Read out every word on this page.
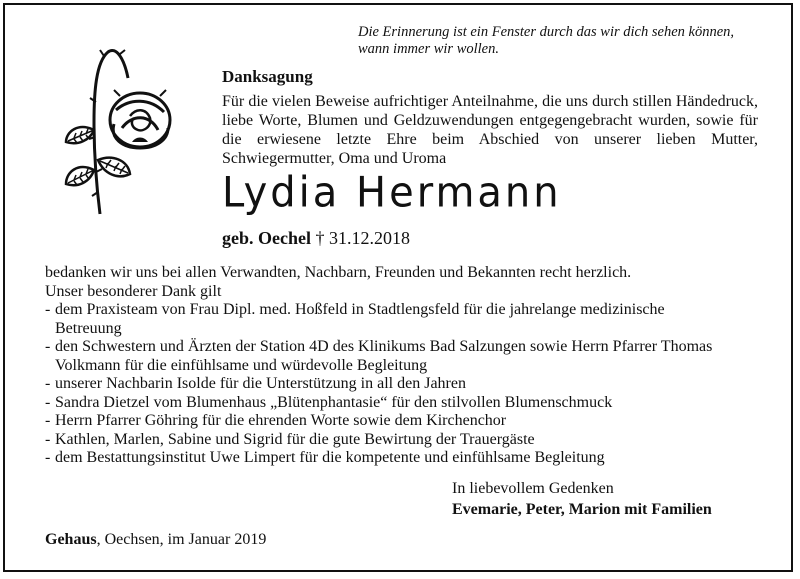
Die Erinnerung ist ein Fenster durch das wir dich sehen können,
wann immer wir wollen.
Danksagung
Für die vielen Beweise aufrichtiger Anteilnahme, die uns durch stillen Händedruck, liebe Worte, Blumen und Geldzuwendungen entgegengebracht wurden, sowie für die erwiesene letzte Ehre beim Abschied von unserer lieben Mutter, Schwiegermutter, Oma und Uroma
Lydia Hermann
geb. Oechel † 31.12.2018
bedanken wir uns bei allen Verwandten, Nachbarn, Freunden und Bekannten recht herzlich.
Unser besonderer Dank gilt
- dem Praxisteam von Frau Dipl. med. Hoßfeld in Stadtlengsfeld für die jahrelange medizinische Betreuung
- den Schwestern und Ärzten der Station 4D des Klinikums Bad Salzungen sowie Herrn Pfarrer Thomas Volkmann für die einfühlsame und würdevolle Begleitung
- unserer Nachbarin Isolde für die Unterstützung in all den Jahren
- Sandra Dietzel vom Blumenhaus „Blütenphantasie“ für den stilvollen Blumenschmuck
- Herrn Pfarrer Göhring für die ehrenden Worte sowie dem Kirchenchor
- Kathlen, Marlen, Sabine und Sigrid für die gute Bewirtung der Trauergäste
- dem Bestattungsinstitut Uwe Limpert für die kompetente und einfühlsame Begleitung
In liebevollem Gedenken
Evemarie, Peter, Marion mit Familien
Gehaus, Oechsen, im Januar 2019
